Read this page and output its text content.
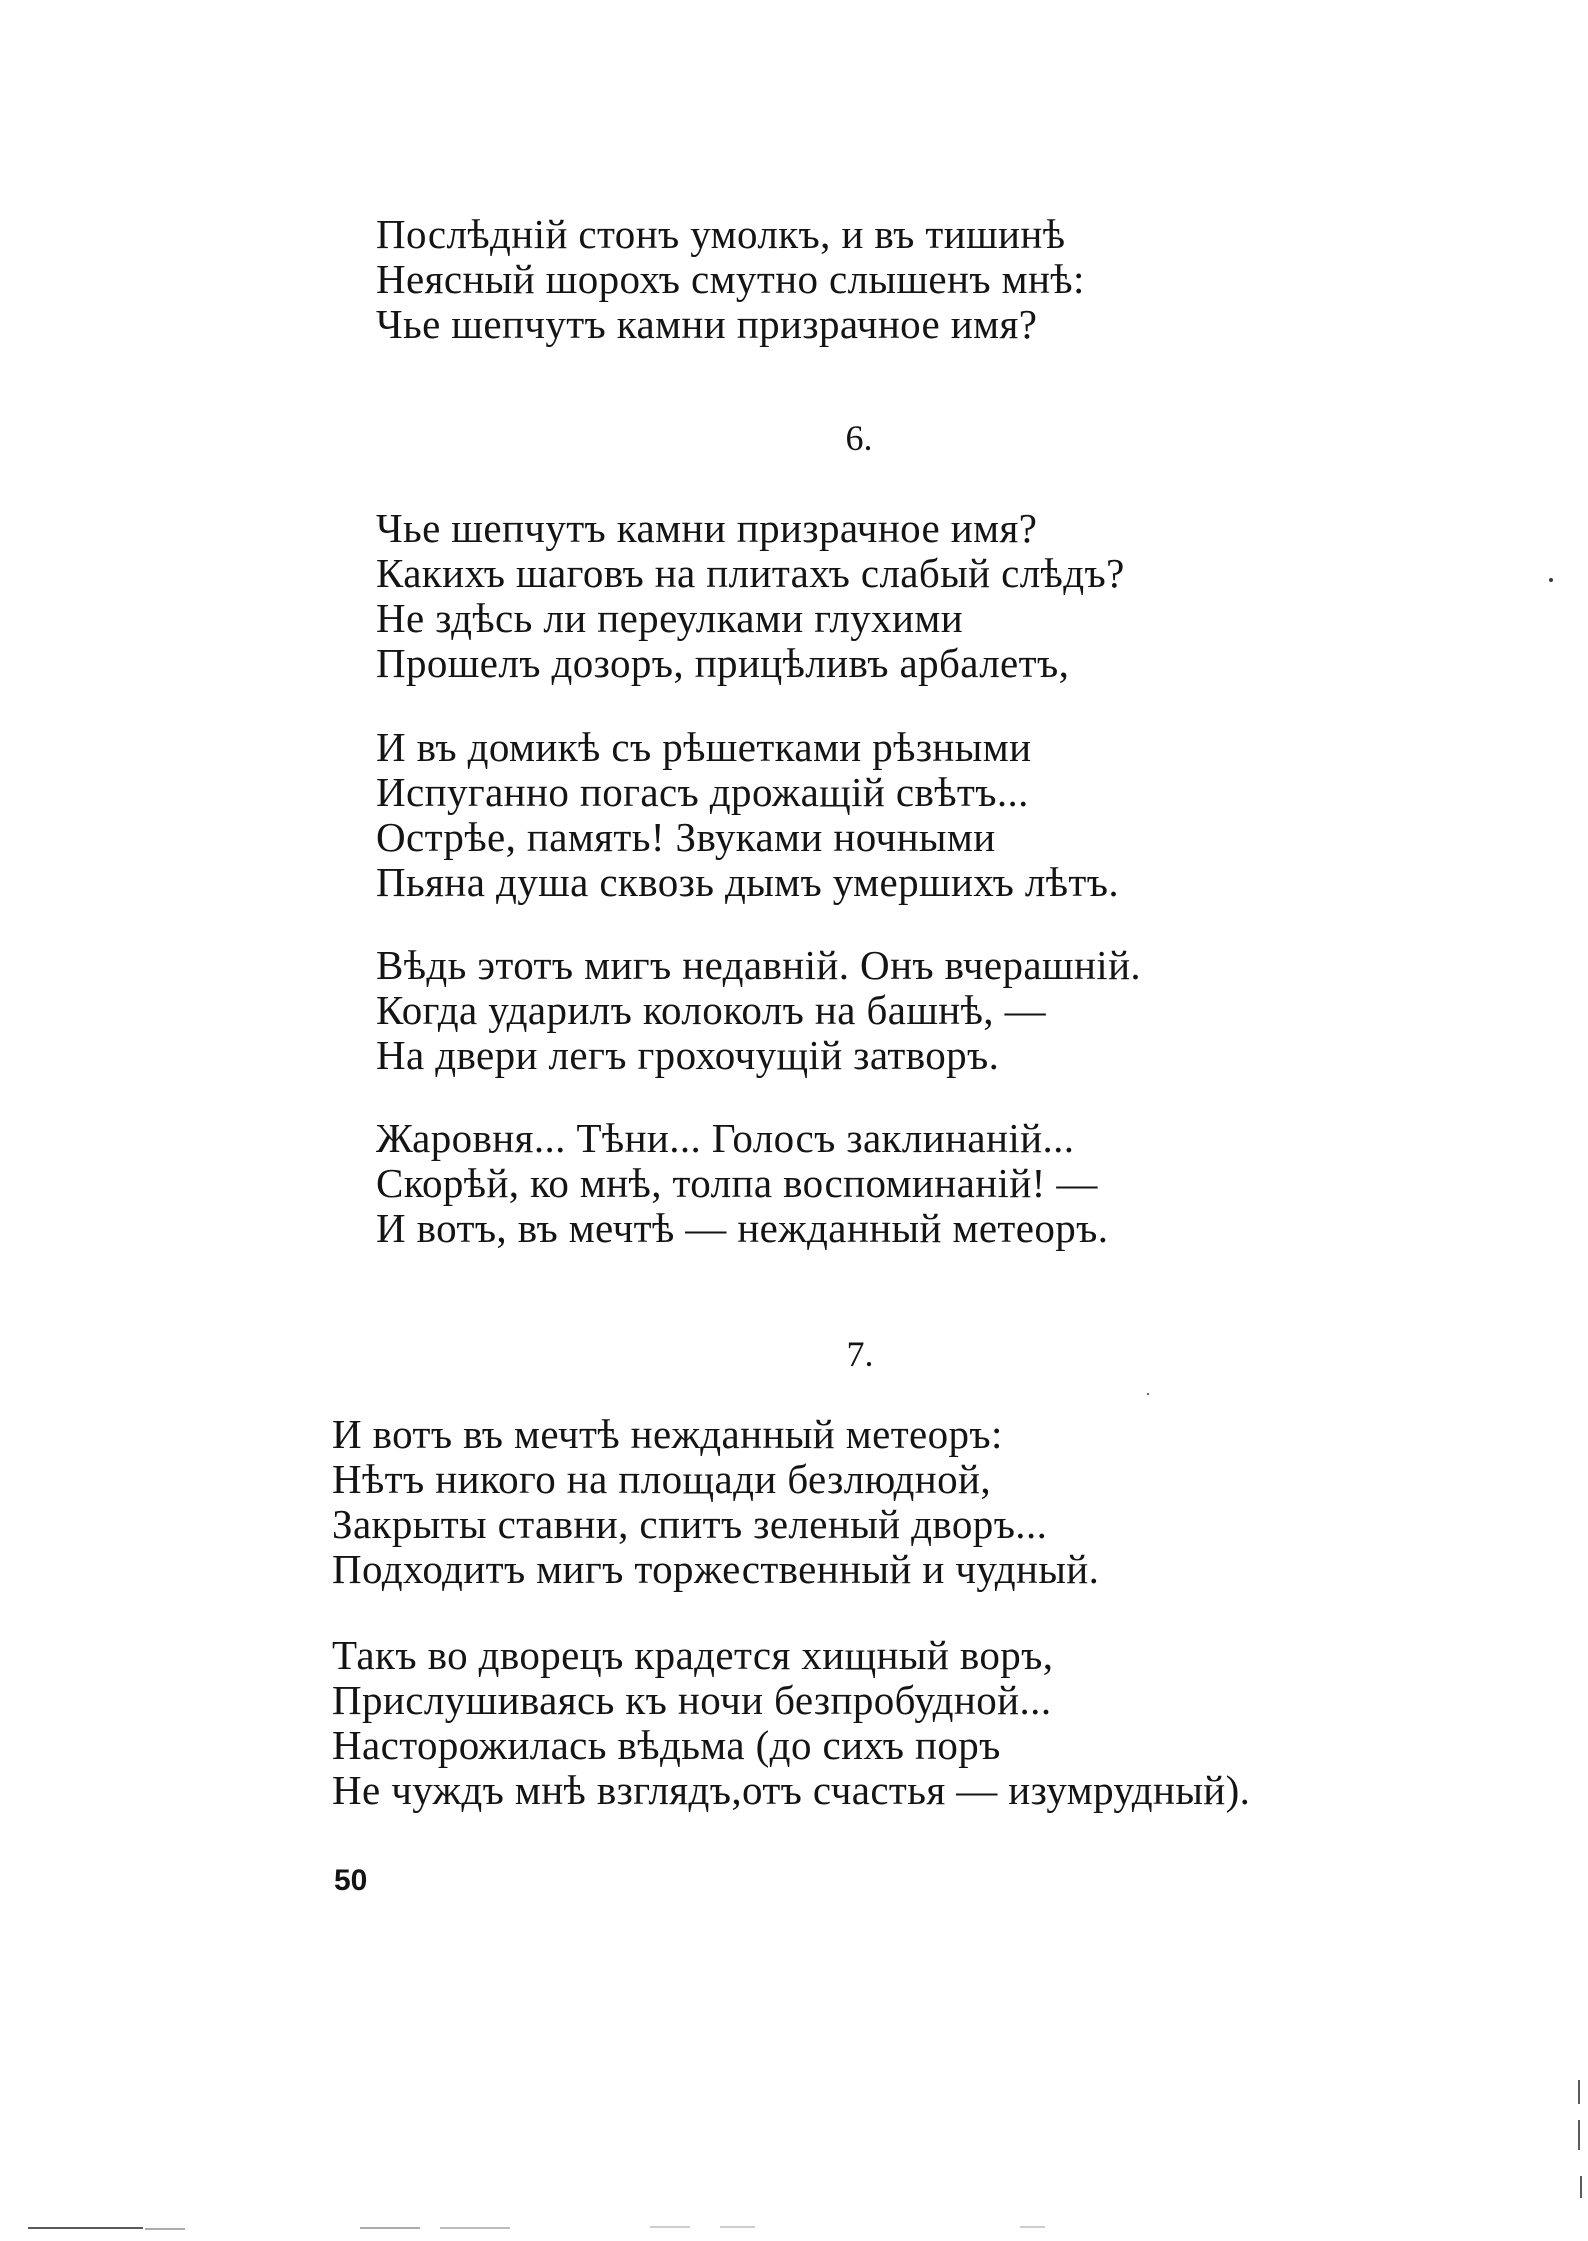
Послѣдній стонъ умолкъ, и въ тишинѣ
Неясный шорохъ смутно слышенъ мнѣ:
Чье шепчутъ камни призрачное имя?
6.
Чье шепчутъ камни призрачное имя?
Какихъ шаговъ на плитахъ слабый слѣдъ?
Не здѣсь ли переулками глухими
Прошелъ дозоръ, прицѣливъ арбалетъ,
И въ домикѣ съ рѣшетками рѣзными
Испуганно погасъ дрожащій свѣтъ...
Острѣе, память! Звуками ночными
Пьяна душа сквозь дымъ умершихъ лѣтъ.
Вѣдь этотъ мигъ недавній. Онъ вчерашній.
Когда ударилъ колоколъ на башнѣ, —
На двери легъ грохочущій затворъ.
Жаровня... Тѣни... Голосъ заклинаній...
Скорѣй, ко мнѣ, толпа воспоминаній! —
И вотъ, въ мечтѣ — нежданный метеоръ.
7.
И вотъ въ мечтѣ нежданный метеоръ:
Нѣтъ никого на площади безлюдной,
Закрыты ставни, спитъ зеленый дворъ...
Подходитъ мигъ торжественный и чудный.
Такъ во дворецъ крадется хищный воръ,
Прислушиваясь къ ночи безпробудной...
Насторожилась вѣдьма (до сихъ поръ
Не чуждъ мнѣ взглядъ,отъ счастья — изумрудный).
50
